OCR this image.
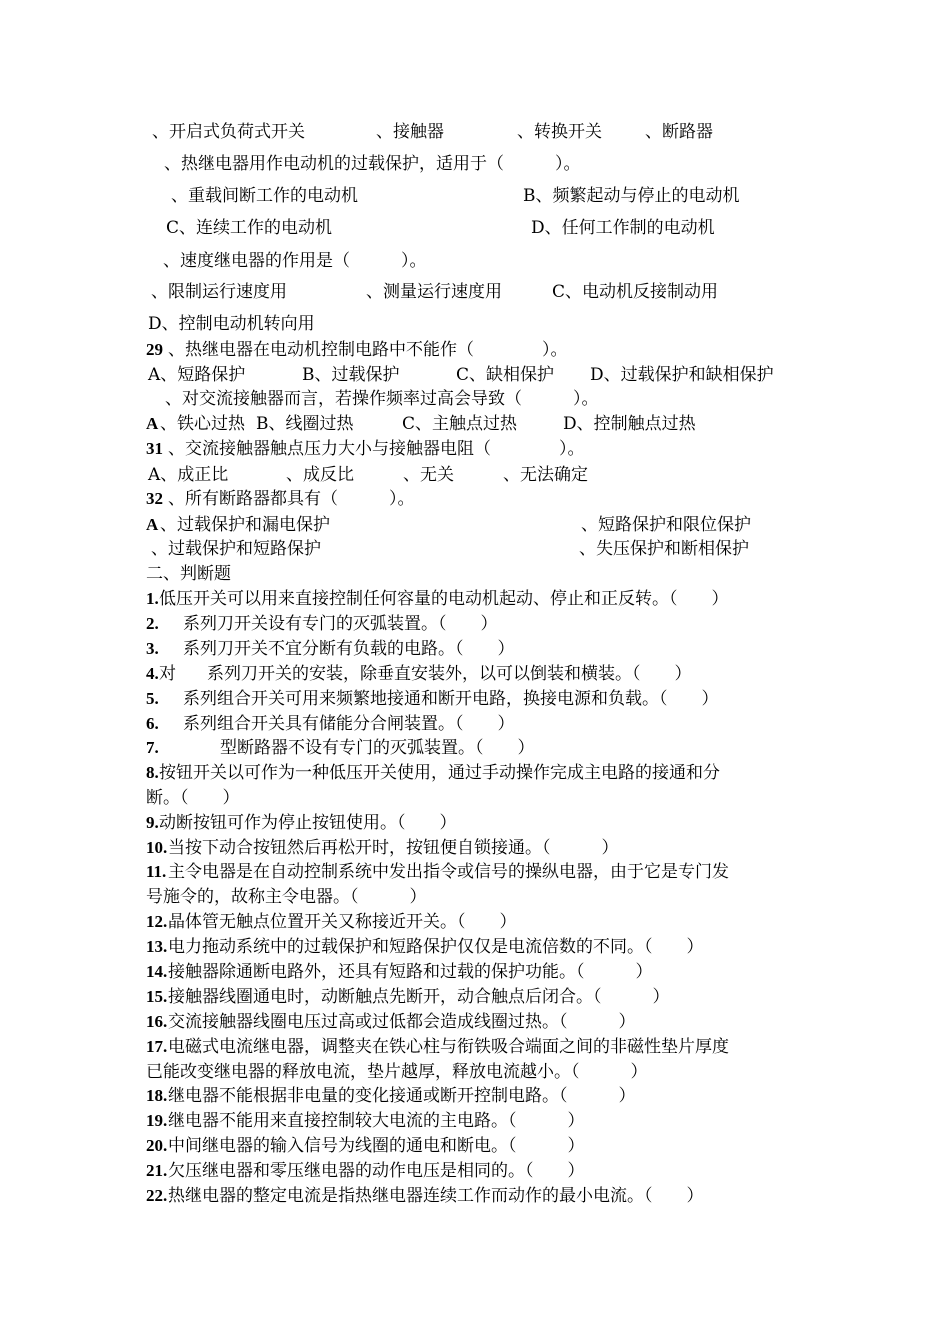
、开启式负荷式开关	、接触器	、转换开关	、断路器
、热继电器用作电动机的过载保护，适用于（　　　）。
、重载间断工作的电动机	B、频繁起动与停止的电动机
C、连续工作的电动机	D、任何工作制的电动机
、速度继电器的作用是（　　　）。
、限制运行速度用	、测量运行速度用	C、电动机反接制动用
D、控制电动机转向用
29 、热继电器在电动机控制电路中不能作（　　　　）。
A、短路保护	B、过载保护	C、缺相保护 D、过载保护和缺相保护
、对交流接触器而言，若操作频率过高会导致（　　　）。
A 、铁心过热 B、线圈过热	C、主触点过热	D、控制触点过热
31 、交流接触器触点压力大小与接触器电阻（　　　　）。
A、成正比	、成反比	、无关	、无法确定
32 、所有断路器都具有（　　　）。
A 、过载保护和漏电保护	、短路保护和限位保护
、过载保护和短路保护	、失压保护和断相保护
二、判断题
1. 低压开关可以用来直接控制任何容量的电动机起动、停止和正反转。（　　）
2. 系列刀开关设有专门的灭弧装置。（　　）
3. 系列刀开关不宜分断有负载的电路。（　　）
4. 对 系列刀开关的安装，除垂直安装外，以可以倒装和横装。（　　）
5. 系列组合开关可用来频繁地接通和断开电路，换接电源和负载。（　　）
6. 系列组合开关具有储能分合闸装置。（　　）
7.	型断路器不设有专门的灭弧装置。（　　）
8. 按钮开关以可作为一种低压开关使用，通过手动操作完成主电路的接通和分
断。（　　）
9. 动断按钮可作为停止按钮使用。（　　）
10. 当按下动合按钮然后再松开时，按钮便自锁接通。（　　　）
11. 主令电器是在自动控制系统中发出指令或信号的操纵电器，由于它是专门发
号施令的，故称主令电器。（　　　）
12. 晶体管无触点位置开关又称接近开关。（　　）
13. 电力拖动系统中的过载保护和短路保护仅仅是电流倍数的不同。（　　）
14. 接触器除通断电路外，还具有短路和过载的保护功能。（　　　）
15. 接触器线圈通电时，动断触点先断开，动合触点后闭合。（　　　）
16. 交流接触器线圈电压过高或过低都会造成线圈过热。（　　　）
17. 电磁式电流继电器，调整夹在铁心柱与衔铁吸合端面之间的非磁性垫片厚度
已能改变继电器的释放电流，垫片越厚，释放电流越小。（　　　）
18. 继电器不能根据非电量的变化接通或断开控制电路。（　　　）
19. 继电器不能用来直接控制较大电流的主电路。（　　　）
20. 中间继电器的输入信号为线圈的通电和断电。（　　　）
21. 欠压继电器和零压继电器的动作电压是相同的。（　　）
22. 热继电器的整定电流是指热继电器连续工作而动作的最小电流。（　　）
